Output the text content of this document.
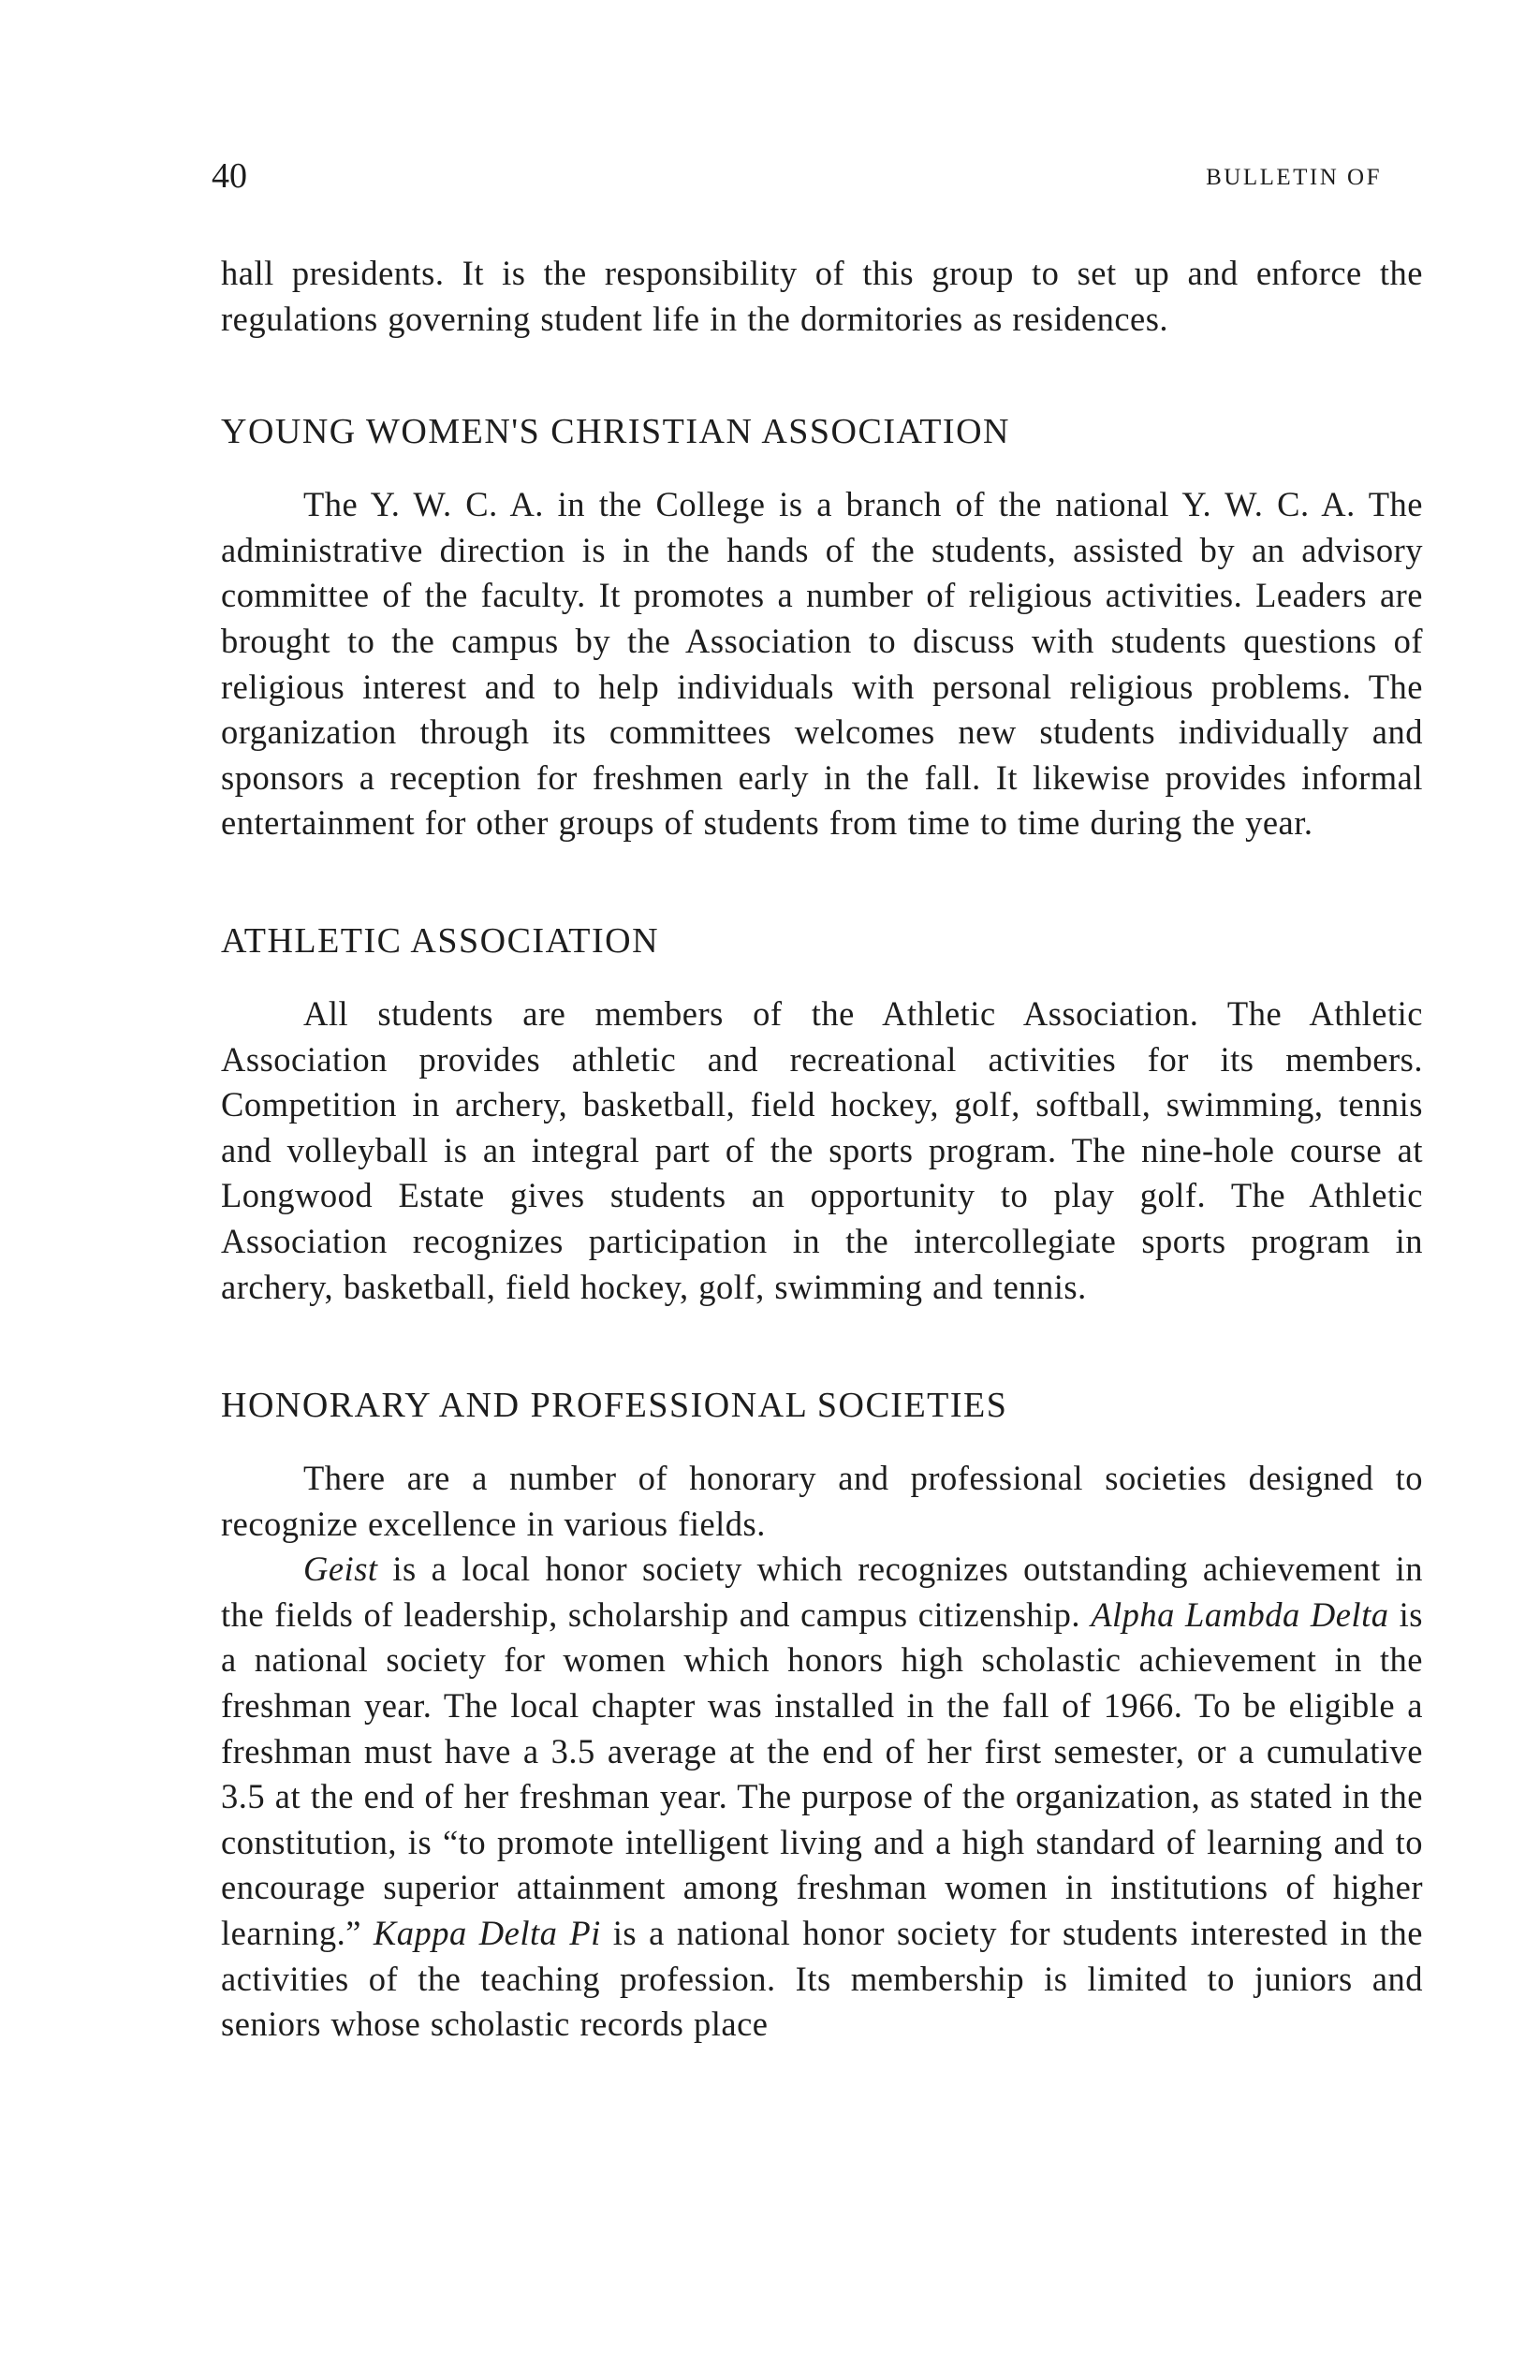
40	BULLETIN OF

hall presidents. It is the responsibility of this group to set up and enforce the regulations governing student life in the dormitories as residences.

YOUNG WOMEN'S CHRISTIAN ASSOCIATION

The Y. W. C. A. in the College is a branch of the national Y. W. C. A. The administrative direction is in the hands of the students, assisted by an advisory committee of the faculty. It promotes a number of religious activities. Leaders are brought to the campus by the Association to discuss with students questions of religious interest and to help individuals with personal religious problems. The organization through its committees welcomes new students individually and sponsors a reception for freshmen early in the fall. It likewise provides informal entertainment for other groups of students from time to time during the year.

ATHLETIC ASSOCIATION

All students are members of the Athletic Association. The Athletic Association provides athletic and recreational activities for its members. Competition in archery, basketball, field hockey, golf, softball, swimming, tennis and volleyball is an integral part of the sports program. The nine-hole course at Longwood Estate gives students an opportunity to play golf. The Athletic Association recognizes participation in the intercollegiate sports program in archery, basketball, field hockey, golf, swimming and tennis.

HONORARY AND PROFESSIONAL SOCIETIES

There are a number of honorary and professional societies designed to recognize excellence in various fields.

Geist is a local honor society which recognizes outstanding achievement in the fields of leadership, scholarship and campus citizenship. Alpha Lambda Delta is a national society for women which honors high scholastic achievement in the freshman year. The local chapter was installed in the fall of 1966. To be eligible a freshman must have a 3.5 average at the end of her first semester, or a cumulative 3.5 at the end of her freshman year. The purpose of the organization, as stated in the constitution, is “to promote intelligent living and a high standard of learning and to encourage superior attainment among freshman women in institutions of higher learning.” Kappa Delta Pi is a national honor society for students interested in the activities of the teaching profession. Its membership is limited to juniors and seniors whose scholastic records place
